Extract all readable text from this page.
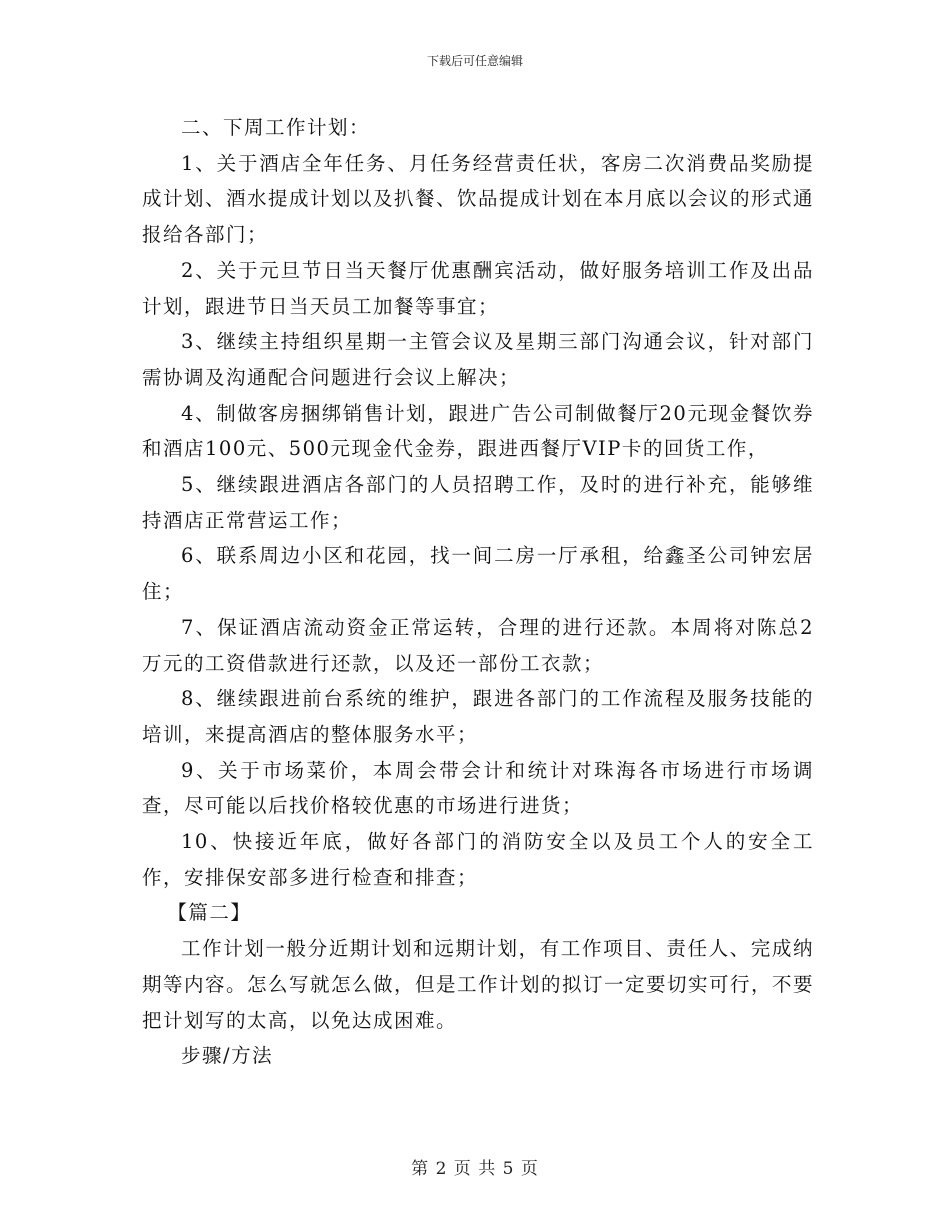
下载后可任意编辑

二、下周工作计划：

1、关于酒店全年任务、月任务经营责任状，客房二次消费品奖励提成计划、酒水提成计划以及扒餐、饮品提成计划在本月底以会议的形式通报给各部门；

2、关于元旦节日当天餐厅优惠酬宾活动，做好服务培训工作及出品计划，跟进节日当天员工加餐等事宜；

3、继续主持组织星期一主管会议及星期三部门沟通会议，针对部门需协调及沟通配合问题进行会议上解决；

4、制做客房捆绑销售计划，跟进广告公司制做餐厅20元现金餐饮券和酒店100元、500元现金代金券，跟进西餐厅VIP卡的回货工作，

5、继续跟进酒店各部门的人员招聘工作，及时的进行补充，能够维持酒店正常营运工作；

6、联系周边小区和花园，找一间二房一厅承租，给鑫圣公司钟宏居住；

7、保证酒店流动资金正常运转，合理的进行还款。本周将对陈总2万元的工资借款进行还款，以及还一部份工衣款；

8、继续跟进前台系统的维护，跟进各部门的工作流程及服务技能的培训，来提高酒店的整体服务水平；

9、关于市场菜价，本周会带会计和统计对珠海各市场进行市场调查，尽可能以后找价格较优惠的市场进行进货；

10、快接近年底，做好各部门的消防安全以及员工个人的安全工作，安排保安部多进行检查和排查；

【篇二】

工作计划一般分近期计划和远期计划，有工作项目、责任人、完成纳期等内容。怎么写就怎么做，但是工作计划的拟订一定要切实可行，不要把计划写的太高，以免达成困难。

步骤/方法

第 2 页 共 5 页
